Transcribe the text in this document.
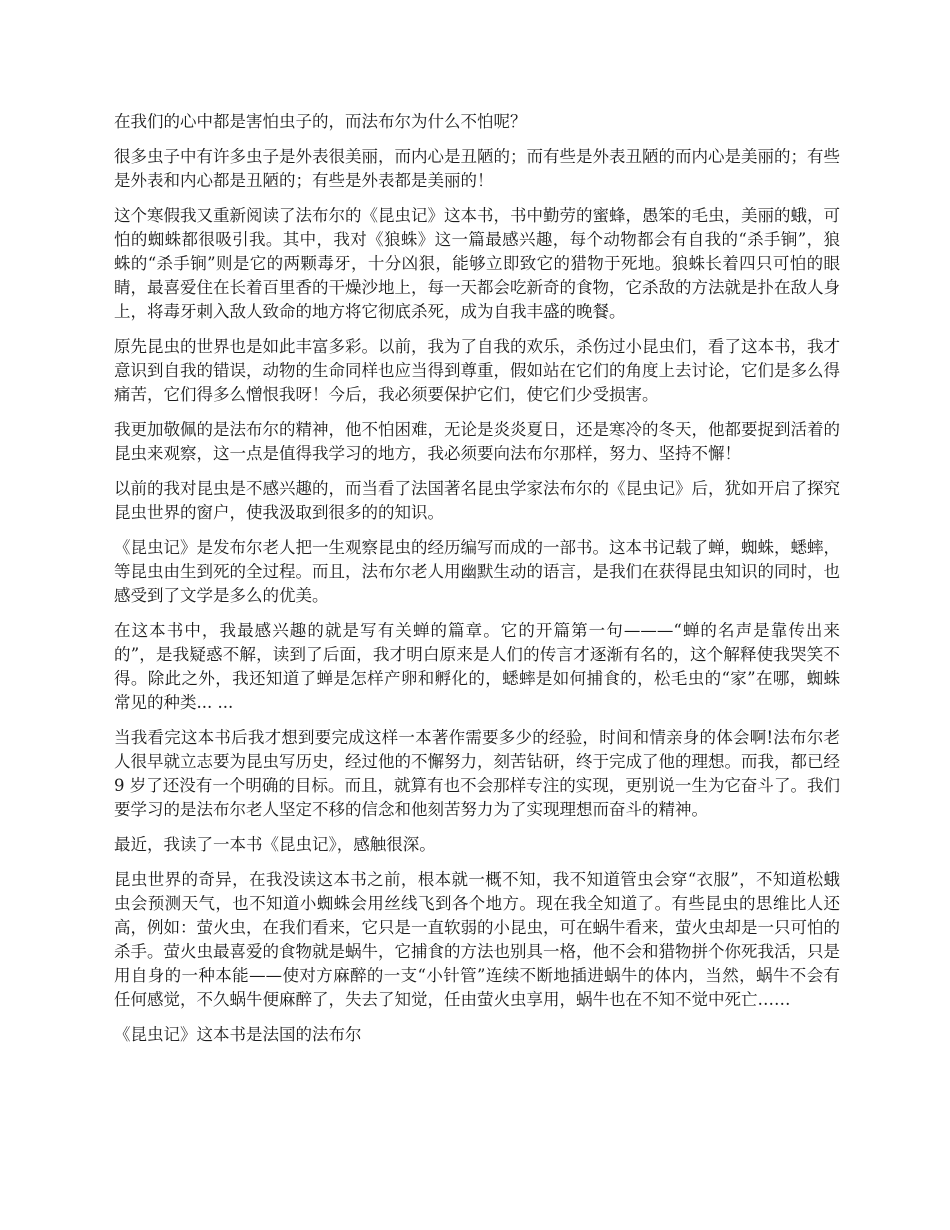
在我们的心中都是害怕虫子的，而法布尔为什么不怕呢？

很多虫子中有许多虫子是外表很美丽，而内心是丑陋的；而有些是外表丑陋的而内心是美丽的；有些是外表和内心都是丑陋的；有些是外表都是美丽的！

这个寒假我又重新阅读了法布尔的《昆虫记》这本书，书中勤劳的蜜蜂，愚笨的毛虫，美丽的蛾，可怕的蜘蛛都很吸引我。其中，我对《狼蛛》这一篇最感兴趣，每个动物都会有自我的“杀手锏”，狼蛛的“杀手锏”则是它的两颗毒牙，十分凶狠，能够立即致它的猎物于死地。狼蛛长着四只可怕的眼睛，最喜爱住在长着百里香的干燥沙地上，每一天都会吃新奇的食物，它杀敌的方法就是扑在敌人身上，将毒牙刺入敌人致命的地方将它彻底杀死，成为自我丰盛的晚餐。

原先昆虫的世界也是如此丰富多彩。以前，我为了自我的欢乐，杀伤过小昆虫们，看了这本书，我才意识到自我的错误，动物的生命同样也应当得到尊重，假如站在它们的角度上去讨论，它们是多么得痛苦，它们得多么憎恨我呀！今后，我必须要保护它们，使它们少受损害。

我更加敬佩的是法布尔的精神，他不怕困难，无论是炎炎夏日，还是寒冷的冬天，他都要捉到活着的昆虫来观察，这一点是值得我学习的地方，我必须要向法布尔那样，努力、坚持不懈！

以前的我对昆虫是不感兴趣的，而当看了法国著名昆虫学家法布尔的《昆虫记》后，犹如开启了探究昆虫世界的窗户，使我汲取到很多的的知识。

《昆虫记》是发布尔老人把一生观察昆虫的经历编写而成的一部书。这本书记载了蝉，蜘蛛，蟋蟀，等昆虫由生到死的全过程。而且，法布尔老人用幽默生动的语言，是我们在获得昆虫知识的同时，也感受到了文学是多么的优美。

在这本书中，我最感兴趣的就是写有关蝉的篇章。它的开篇第一句———“蝉的名声是靠传出来的”，是我疑惑不解，读到了后面，我才明白原来是人们的传言才逐渐有名的，这个解释使我哭笑不得。除此之外，我还知道了蝉是怎样产卵和孵化的，蟋蟀是如何捕食的，松毛虫的“家”在哪，蜘蛛常见的种类... ...

当我看完这本书后我才想到要完成这样一本著作需要多少的经验，时间和情亲身的体会啊!法布尔老人很早就立志要为昆虫写历史，经过他的不懈努力，刻苦钻研，终于完成了他的理想。而我，都已经 9 岁了还没有一个明确的目标。而且，就算有也不会那样专注的实现，更别说一生为它奋斗了。我们要学习的是法布尔老人坚定不移的信念和他刻苦努力为了实现理想而奋斗的精神。

最近，我读了一本书《昆虫记》，感触很深。

昆虫世界的奇异，在我没读这本书之前，根本就一概不知，我不知道管虫会穿“衣服”，不知道松蛾虫会预测天气，也不知道小蜘蛛会用丝线飞到各个地方。现在我全知道了。有些昆虫的思维比人还高，例如：萤火虫，在我们看来，它只是一直软弱的小昆虫，可在蜗牛看来，萤火虫却是一只可怕的杀手。萤火虫最喜爱的食物就是蜗牛，它捕食的方法也别具一格，他不会和猎物拼个你死我活，只是用自身的一种本能——使对方麻醉的一支“小针管”连续不断地插进蜗牛的体内，当然，蜗牛不会有任何感觉，不久蜗牛便麻醉了，失去了知觉，任由萤火虫享用，蜗牛也在不知不觉中死亡……

《昆虫记》这本书是法国的法布尔
